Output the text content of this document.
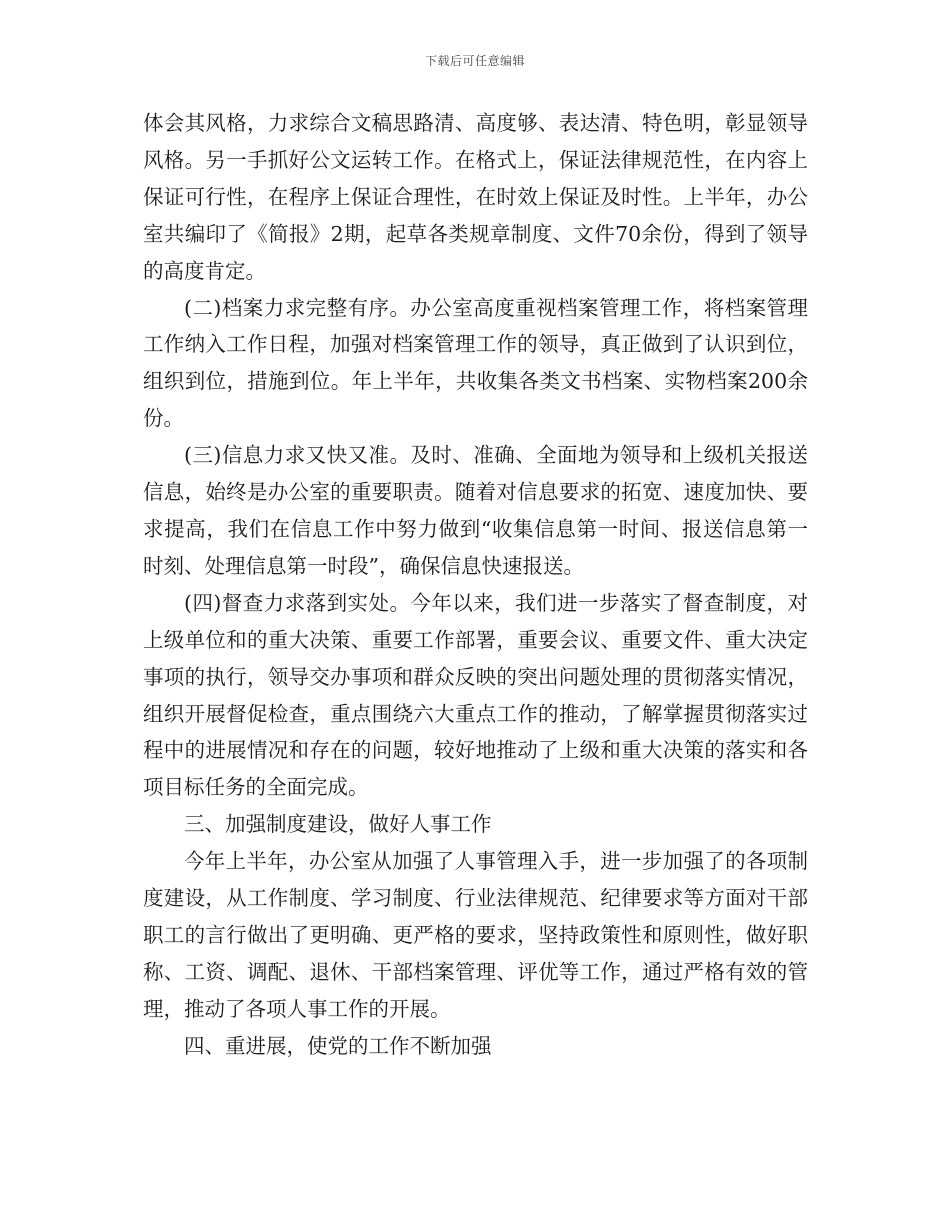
下载后可任意编辑

体会其风格，力求综合文稿思路清、高度够、表达清、特色明，彰显领导风格。另一手抓好公文运转工作。在格式上，保证法律规范性，在内容上保证可行性，在程序上保证合理性，在时效上保证及时性。上半年，办公室共编印了《简报》2期，起草各类规章制度、文件70余份，得到了领导的高度肯定。

(二)档案力求完整有序。办公室高度重视档案管理工作，将档案管理工作纳入工作日程，加强对档案管理工作的领导，真正做到了认识到位，组织到位，措施到位。年上半年，共收集各类文书档案、实物档案200余份。

(三)信息力求又快又准。及时、准确、全面地为领导和上级机关报送信息，始终是办公室的重要职责。随着对信息要求的拓宽、速度加快、要求提高，我们在信息工作中努力做到“收集信息第一时间、报送信息第一时刻、处理信息第一时段”，确保信息快速报送。

(四)督查力求落到实处。今年以来，我们进一步落实了督查制度，对上级单位和的重大决策、重要工作部署，重要会议、重要文件、重大决定事项的执行，领导交办事项和群众反映的突出问题处理的贯彻落实情况，组织开展督促检查，重点围绕六大重点工作的推动，了解掌握贯彻落实过程中的进展情况和存在的问题，较好地推动了上级和重大决策的落实和各项目标任务的全面完成。

三、加强制度建设，做好人事工作

今年上半年，办公室从加强了人事管理入手，进一步加强了的各项制度建设，从工作制度、学习制度、行业法律规范、纪律要求等方面对干部职工的言行做出了更明确、更严格的要求，坚持政策性和原则性，做好职称、工资、调配、退休、干部档案管理、评优等工作，通过严格有效的管理，推动了各项人事工作的开展。

四、重进展，使党的工作不断加强
